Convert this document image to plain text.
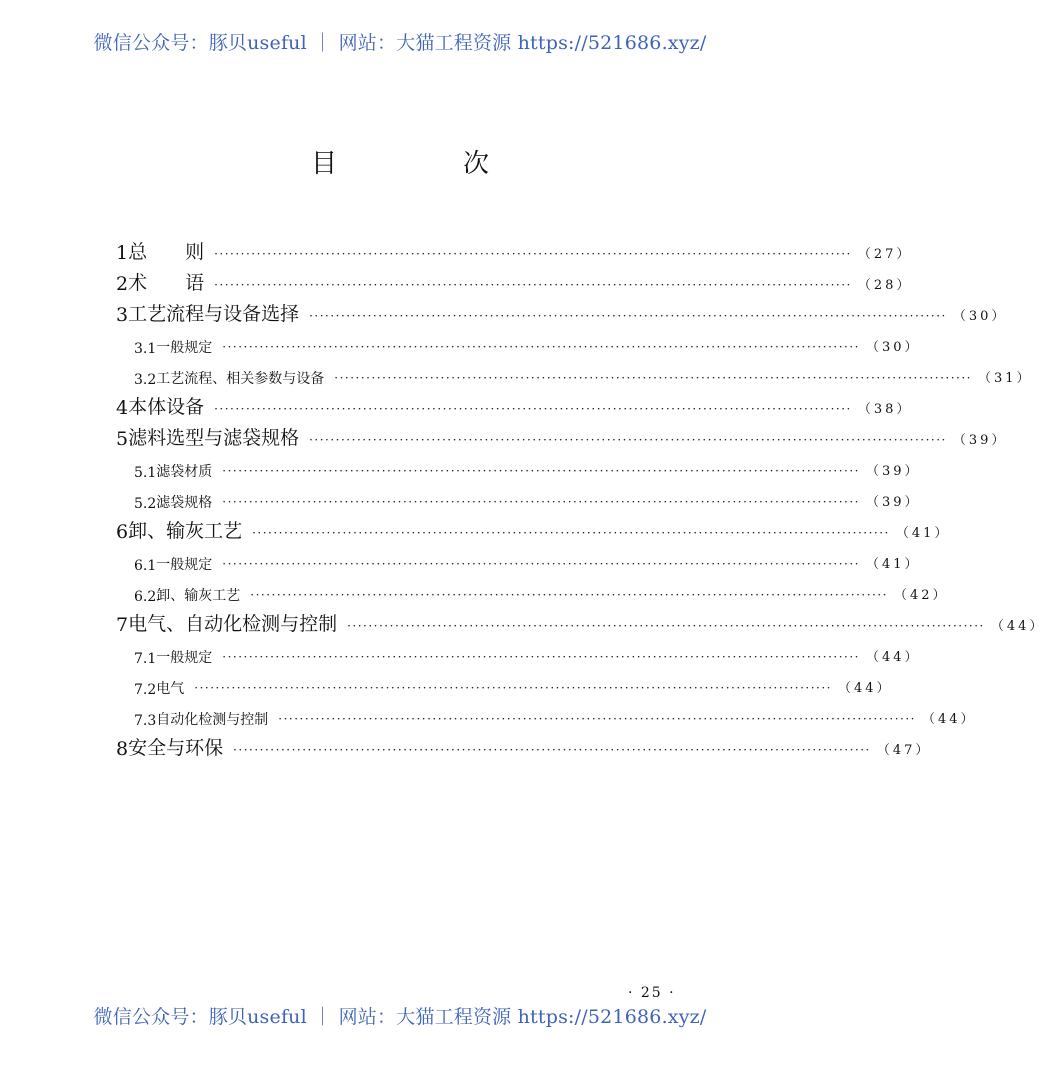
微信公众号：豚贝useful ｜ 网站：大猫工程资源 https://521686.xyz/
目　次
1 总　　则 ························································································································ （27）
2 术　　语 ························································································································ （28）
3 工艺流程与设备选择 ························································································································ （30）
3.1 一般规定 ························································································································ （30）
3.2 工艺流程、相关参数与设备 ························································································································ （31）
4 本体设备 ························································································································ （38）
5 滤料选型与滤袋规格 ························································································································ （39）
5.1 滤袋材质 ························································································································ （39）
5.2 滤袋规格 ························································································································ （39）
6 卸、输灰工艺 ························································································································ （41）
6.1 一般规定 ························································································································ （41）
6.2 卸、输灰工艺 ························································································································ （42）
7 电气、自动化检测与控制 ························································································································ （44）
7.1 一般规定 ························································································································ （44）
7.2 电气 ························································································································ （44）
7.3 自动化检测与控制 ························································································································ （44）
8 安全与环保 ························································································································ （47）
· 25 ·
微信公众号：豚贝useful ｜ 网站：大猫工程资源 https://521686.xyz/
